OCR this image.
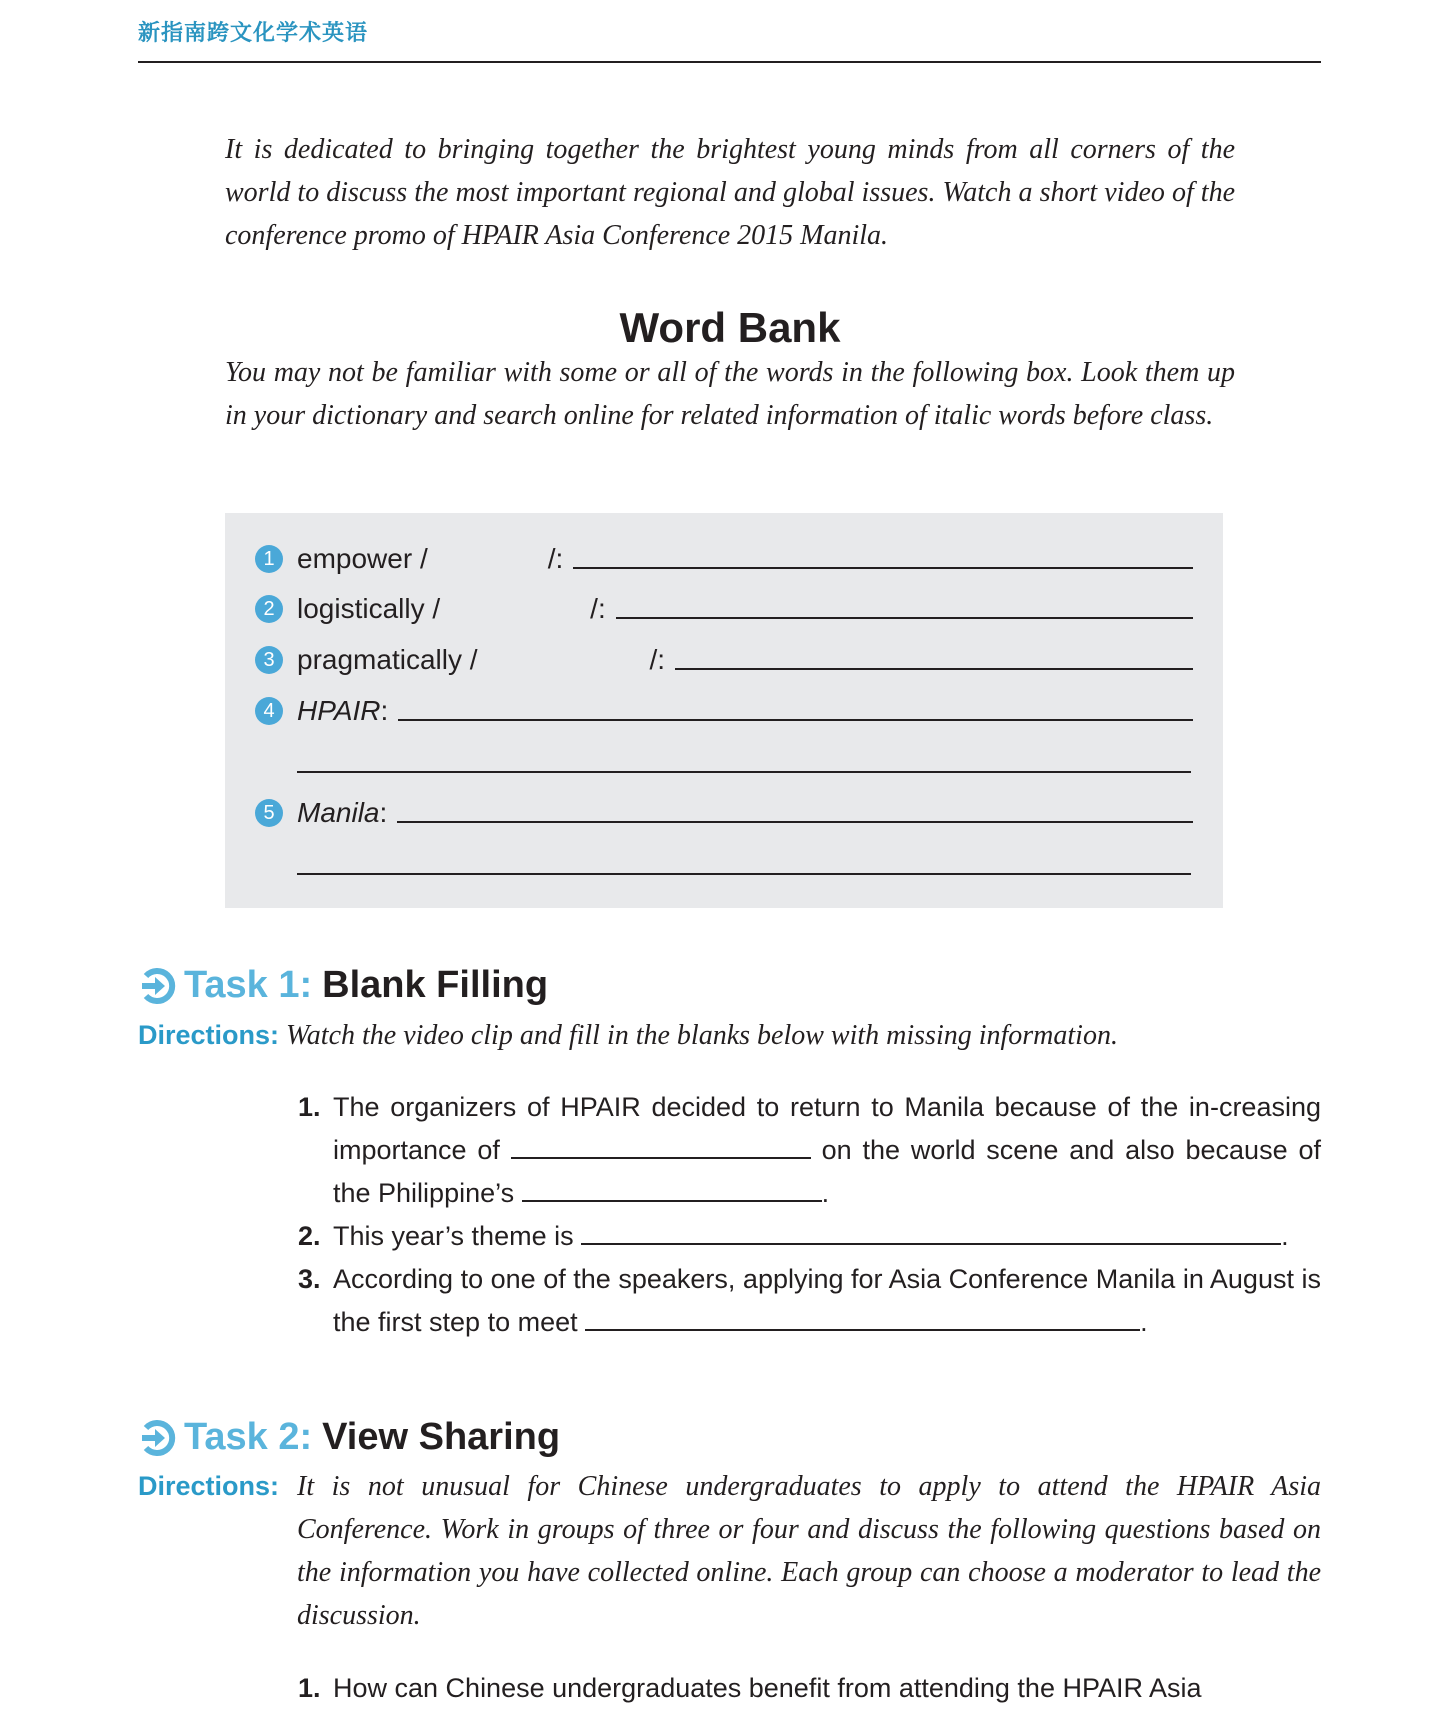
新指南跨文化学术英语
It is dedicated to bringing together the brightest young minds from all corners of the world to discuss the most important regional and global issues. Watch a short video of the conference promo of HPAIR Asia Conference 2015 Manila.
Word Bank
You may not be familiar with some or all of the words in the following box. Look them up in your dictionary and search online for related information of italic words before class.
1 empower /	/:
2 logistically /	/:
3 pragmatically /	/:
4 HPAIR :
5 Manila :
Task 1: Blank Filling
Directions: Watch the video clip and fill in the blanks below with missing information.
1. The organizers of HPAIR decided to return to Manila because of the in-creasing importance of	on the world scene and also because of the Philippine’s	.
2. This year’s theme is	.
3. According to one of the speakers, applying for Asia Conference Manila in August is the first step to meet	.
Task 2: View Sharing
Directions: It is not unusual for Chinese undergraduates to apply to attend the HPAIR Asia Conference. Work in groups of three or four and discuss the following questions based on the information you have collected online. Each group can choose a moderator to lead the discussion.
1. How can Chinese undergraduates benefit from attending the HPAIR Asia
